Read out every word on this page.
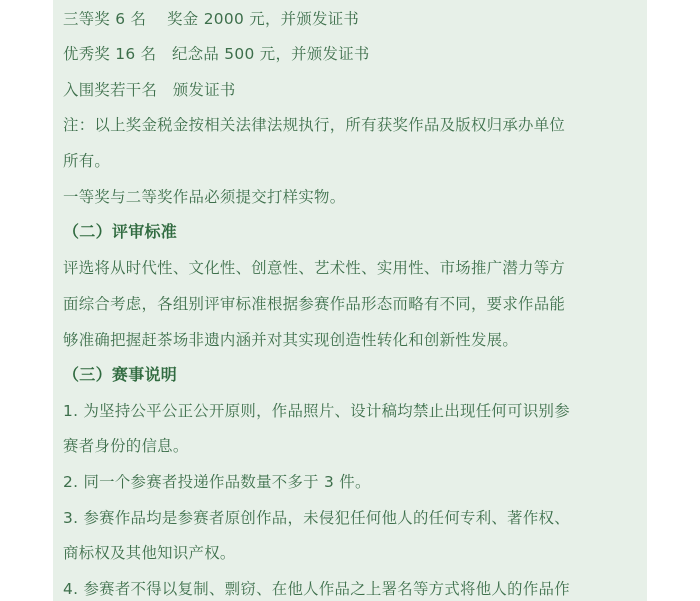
三等奖 6 名　 奖金 2000 元，并颁发证书
优秀奖 16 名　纪念品 500 元，并颁发证书
入围奖若干名　颁发证书
注：以上奖金税金按相关法律法规执行，所有获奖作品及版权归承办单位
所有。
一等奖与二等奖作品必须提交打样实物。
（二）评审标准
评选将从时代性、文化性、创意性、艺术性、实用性、市场推广潜力等方
面综合考虑，各组别评审标准根据参赛作品形态而略有不同，要求作品能
够准确把握赶茶场非遗内涵并对其实现创造性转化和创新性发展。
（三）赛事说明
1. 为坚持公平公正公开原则，作品照片、设计稿均禁止出现任何可识别参
赛者身份的信息。
2. 同一个参赛者投递作品数量不多于 3 件。
3. 参赛作品均是参赛者原创作品，未侵犯任何他人的任何专利、著作权、
商标权及其他知识产权。
4. 参赛者不得以复制、剽窃、在他人作品之上署名等方式将他人的作品作
